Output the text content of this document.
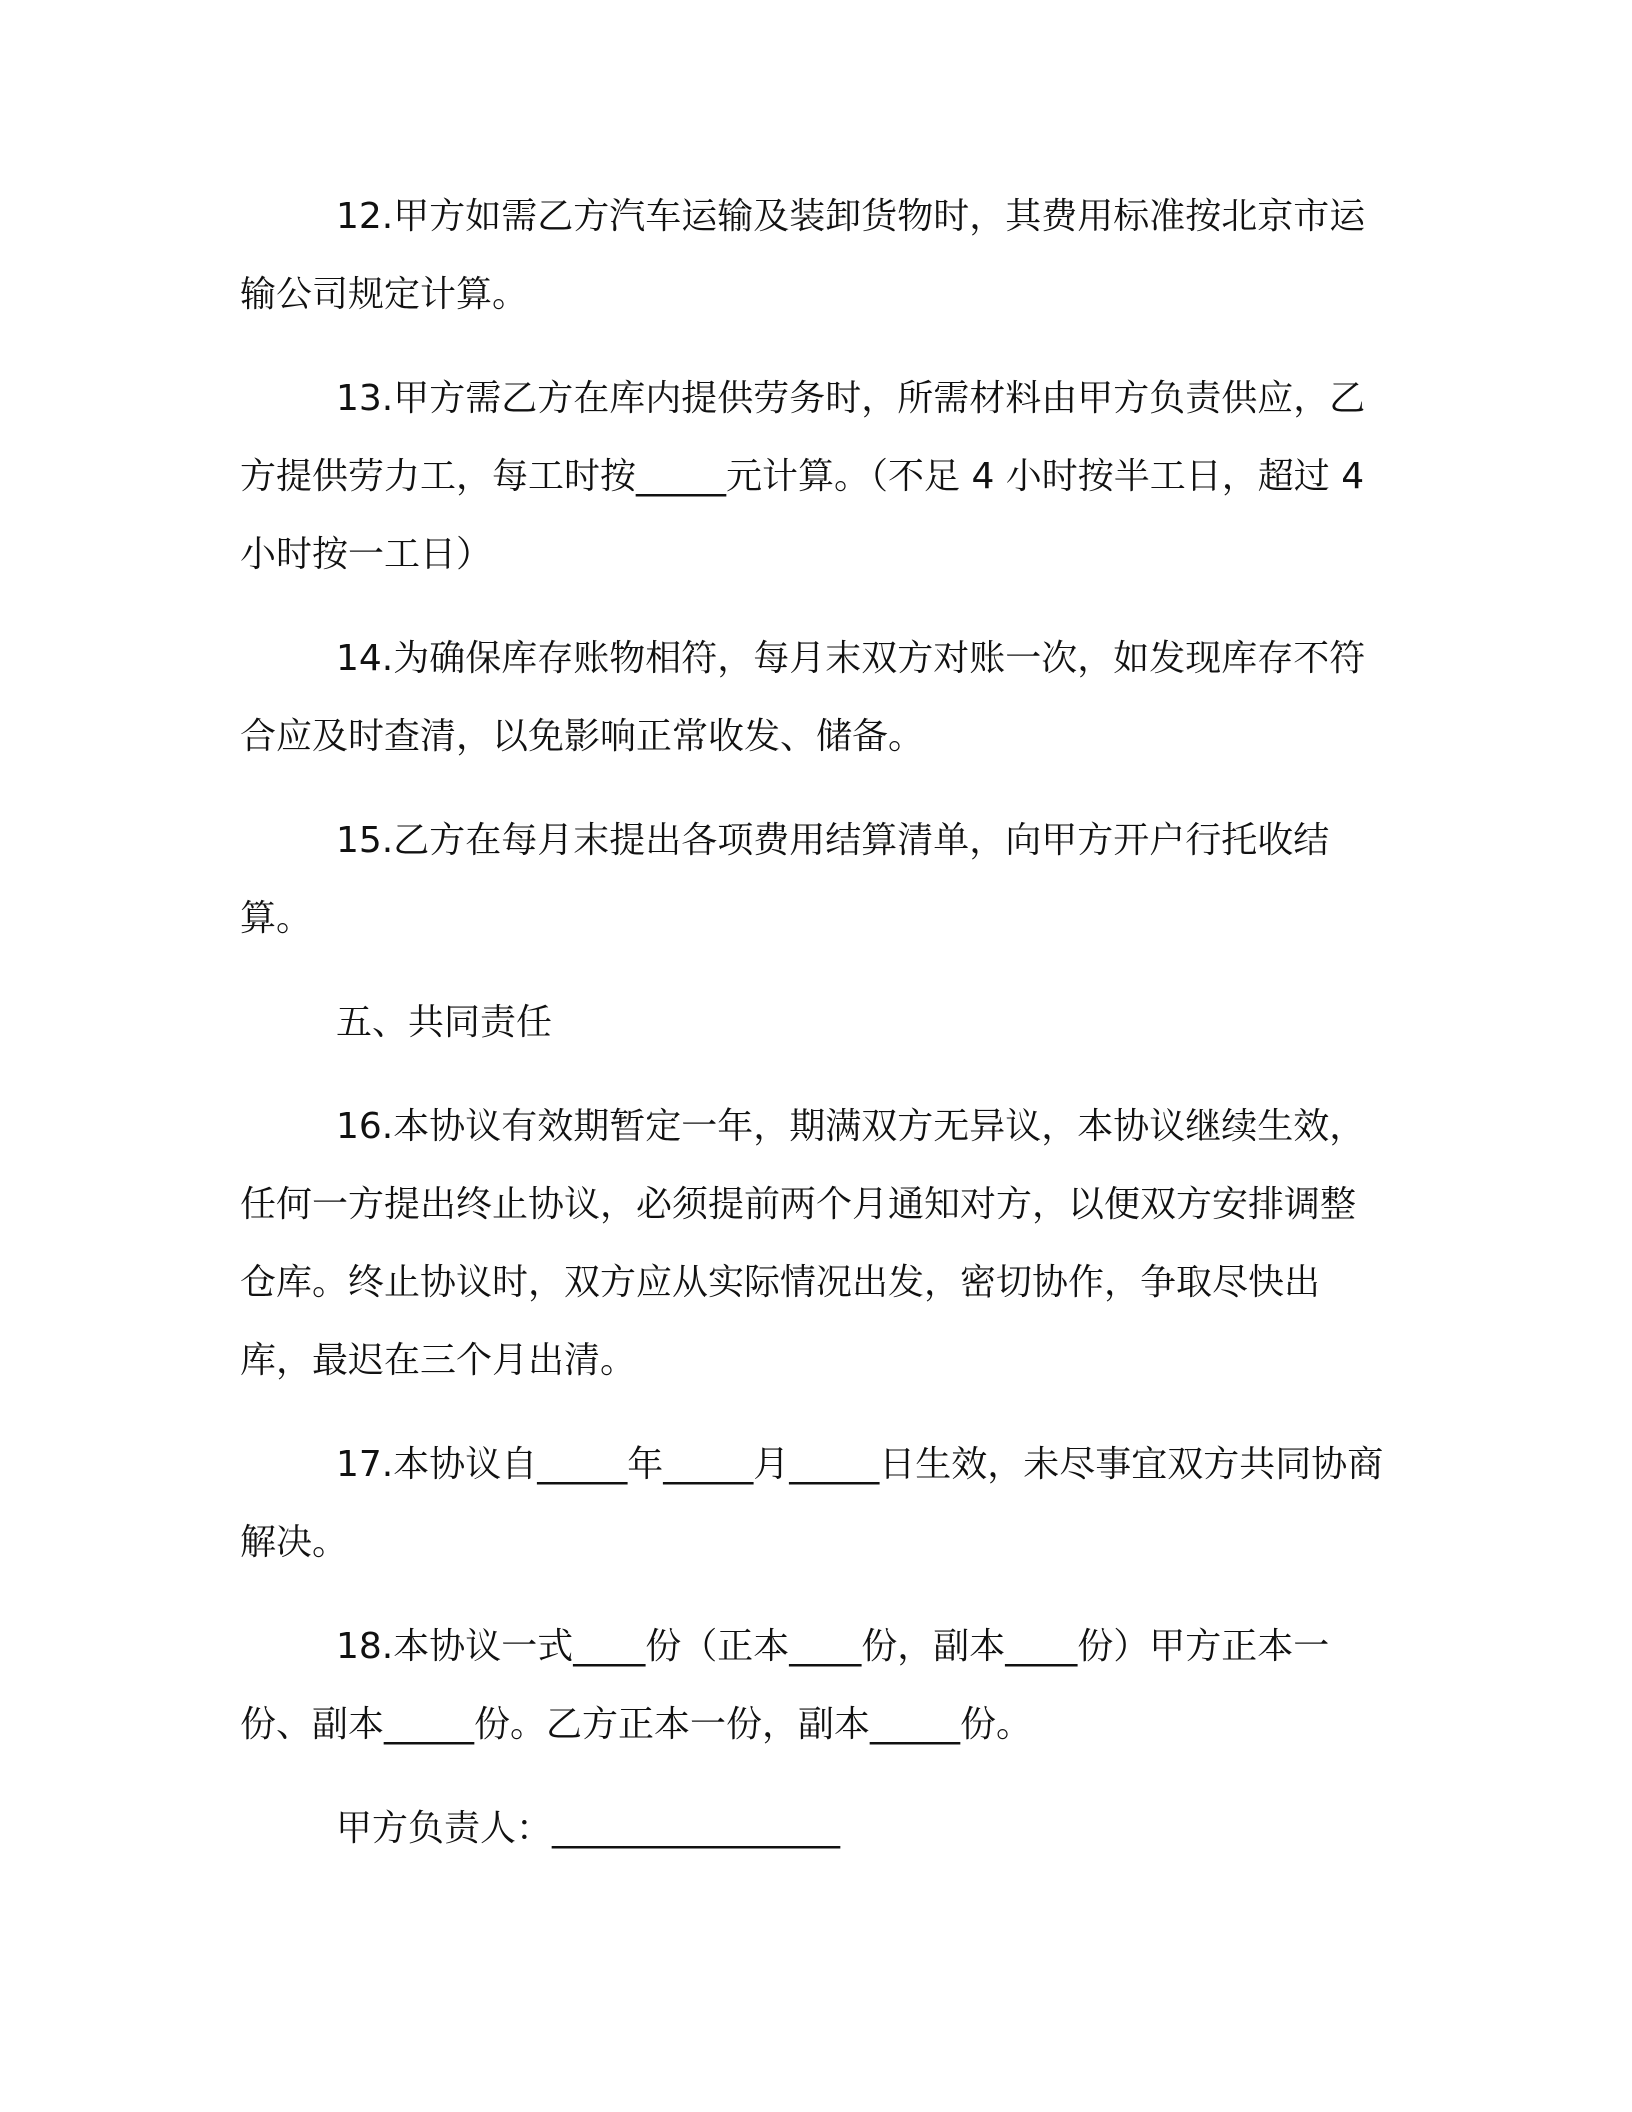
12.甲方如需乙方汽车运输及装卸货物时，其费用标准按北京市运输公司规定计算。

13.甲方需乙方在库内提供劳务时，所需材料由甲方负责供应，乙方提供劳力工，每工时按_____元计算。（不足 4 小时按半工日，超过 4 小时按一工日）

14.为确保库存账物相符，每月末双方对账一次，如发现库存不符合应及时查清，以免影响正常收发、储备。

15.乙方在每月末提出各项费用结算清单，向甲方开户行托收结算。

五、共同责任

16.本协议有效期暂定一年，期满双方无异议，本协议继续生效，任何一方提出终止协议，必须提前两个月通知对方，以便双方安排调整仓库。终止协议时，双方应从实际情况出发，密切协作，争取尽快出库，最迟在三个月出清。

17.本协议自_____年_____月_____日生效，未尽事宜双方共同协商解决。

18.本协议一式____份（正本____份，副本____份）甲方正本一份、副本_____份。乙方正本一份，副本_____份。

甲方负责人：________________
